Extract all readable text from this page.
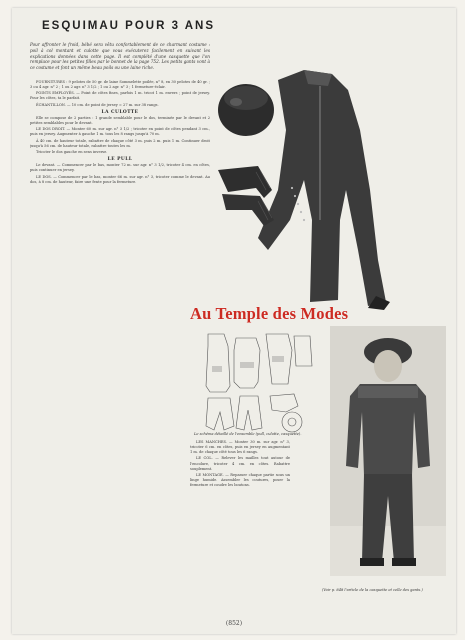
ESQUIMAU POUR 3 ANS
Pour affronter le froid, bébé sera vêtu confortablement de ce charmant costume : poil à col montant et culotte que vous exécuterez facilement en suivant les explications données dans cette page. Il est complété d'une casquette que l'on remplace pour les petites filles par le bonnet de la page 752. Les petits gants vont à ce costume et font un même beau poils ou une laine riche.

FOURNITURES : 9 pelotes de 50 gr. de laine Sommelette poilée, n° 8, en 30 pelotes de 40 gr. ; 3 ou 4 agr. n° 2 ; 1 ou 2 agr. n° 3 1/2 ; 1 ou 2 agr. n° 3 ; 1 fermeture-éclair.

POINTS EMPLOYÉS. — Point de côtes fines, parfois 1 m. tricot 1 m. envers ; point de jersey. Pour les côtes, ta le parfait.

ÉCHANTILLON. — 10 cm. de point de jersey = 27 m. sur 38 rangs.

LA CULOTTE

Elle se compose de 2 parties : 1 grande semblable pour le dos, terminée par le devant et 2 petites semblables pour le devant.

LE DOS DROIT. — Monter 60 m. sur agr. n° 3 1/2 ; tricoter en point de côtes pendant 3 cm., puis en jersey. Augmenter à gauche 1 m. tous les 8 rangs jusqu'à 70 m.

À 40 cm. de hauteur totale, rabattre de chaque côté 3 m. puis 2 m. puis 1 m. Continuer droit jusqu'à 56 cm. de hauteur totale, rabattre toutes les m.

Tricoter le dos gauche en sens inverse.

LE PULL

Le devant. — Commencer par le bas, monter 72 m. sur agr. n° 3 1/2, tricoter 4 cm. en côtes, puis continuer en jersey.

LE DOS. — Commencer par le bas, monter 66 m. sur agr. n° 3, tricoter comme le devant. Au dos, à 8 cm. de hauteur, faire une fente pour la fermeture.

LES MANCHES. — Monter 30 m. sur agr. n° 3, tricoter 6 cm. en côtes, puis en jersey en augmentant 1 m. de chaque côté tous les 6 rangs.

LE COL. — Relever les mailles tout autour de l'encolure, tricoter 4 cm. en côtes. Rabattre souplement.

LE MONTAGE. — Repasser chaque partie sous un linge humide. Assembler les coutures, poser la fermeture et coudre les boutons.

Au Temple des Modes
Le schéma détaillé de l'ensemble (pull, culotte, casquette).
(Voir p. 848 l'article de la casquette et celle des gants.)
(852)
